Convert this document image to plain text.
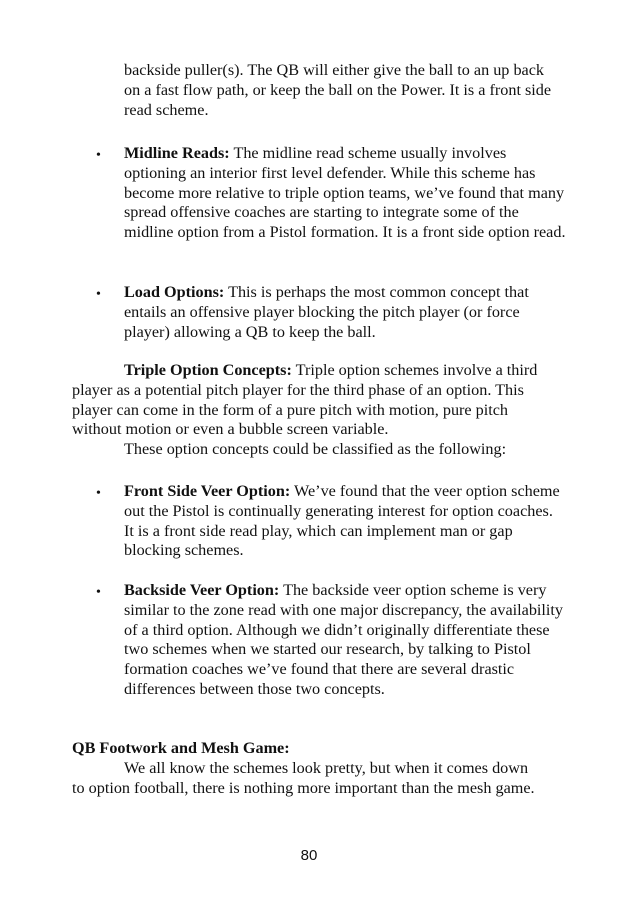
backside puller(s). The QB will either give the ball to an up back on a fast flow path, or keep the ball on the Power. It is a front side read scheme.
• Midline Reads: The midline read scheme usually involves optioning an interior first level defender. While this scheme has become more relative to triple option teams, we’ve found that many spread offensive coaches are starting to integrate some of the midline option from a Pistol formation. It is a front side option read.
• Load Options: This is perhaps the most common concept that entails an offensive player blocking the pitch player (or force player) allowing a QB to keep the ball.
Triple Option Concepts: Triple option schemes involve a third player as a potential pitch player for the third phase of an option. This player can come in the form of a pure pitch with motion, pure pitch without motion or even a bubble screen variable.
These option concepts could be classified as the following:
• Front Side Veer Option: We’ve found that the veer option scheme out the Pistol is continually generating interest for option coaches. It is a front side read play, which can implement man or gap blocking schemes.
• Backside Veer Option: The backside veer option scheme is very similar to the zone read with one major discrepancy, the availability of a third option. Although we didn’t originally differentiate these two schemes when we started our research, by talking to Pistol formation coaches we’ve found that there are several drastic differences between those two concepts.
QB Footwork and Mesh Game:
We all know the schemes look pretty, but when it comes down to option football, there is nothing more important than the mesh game.
80
